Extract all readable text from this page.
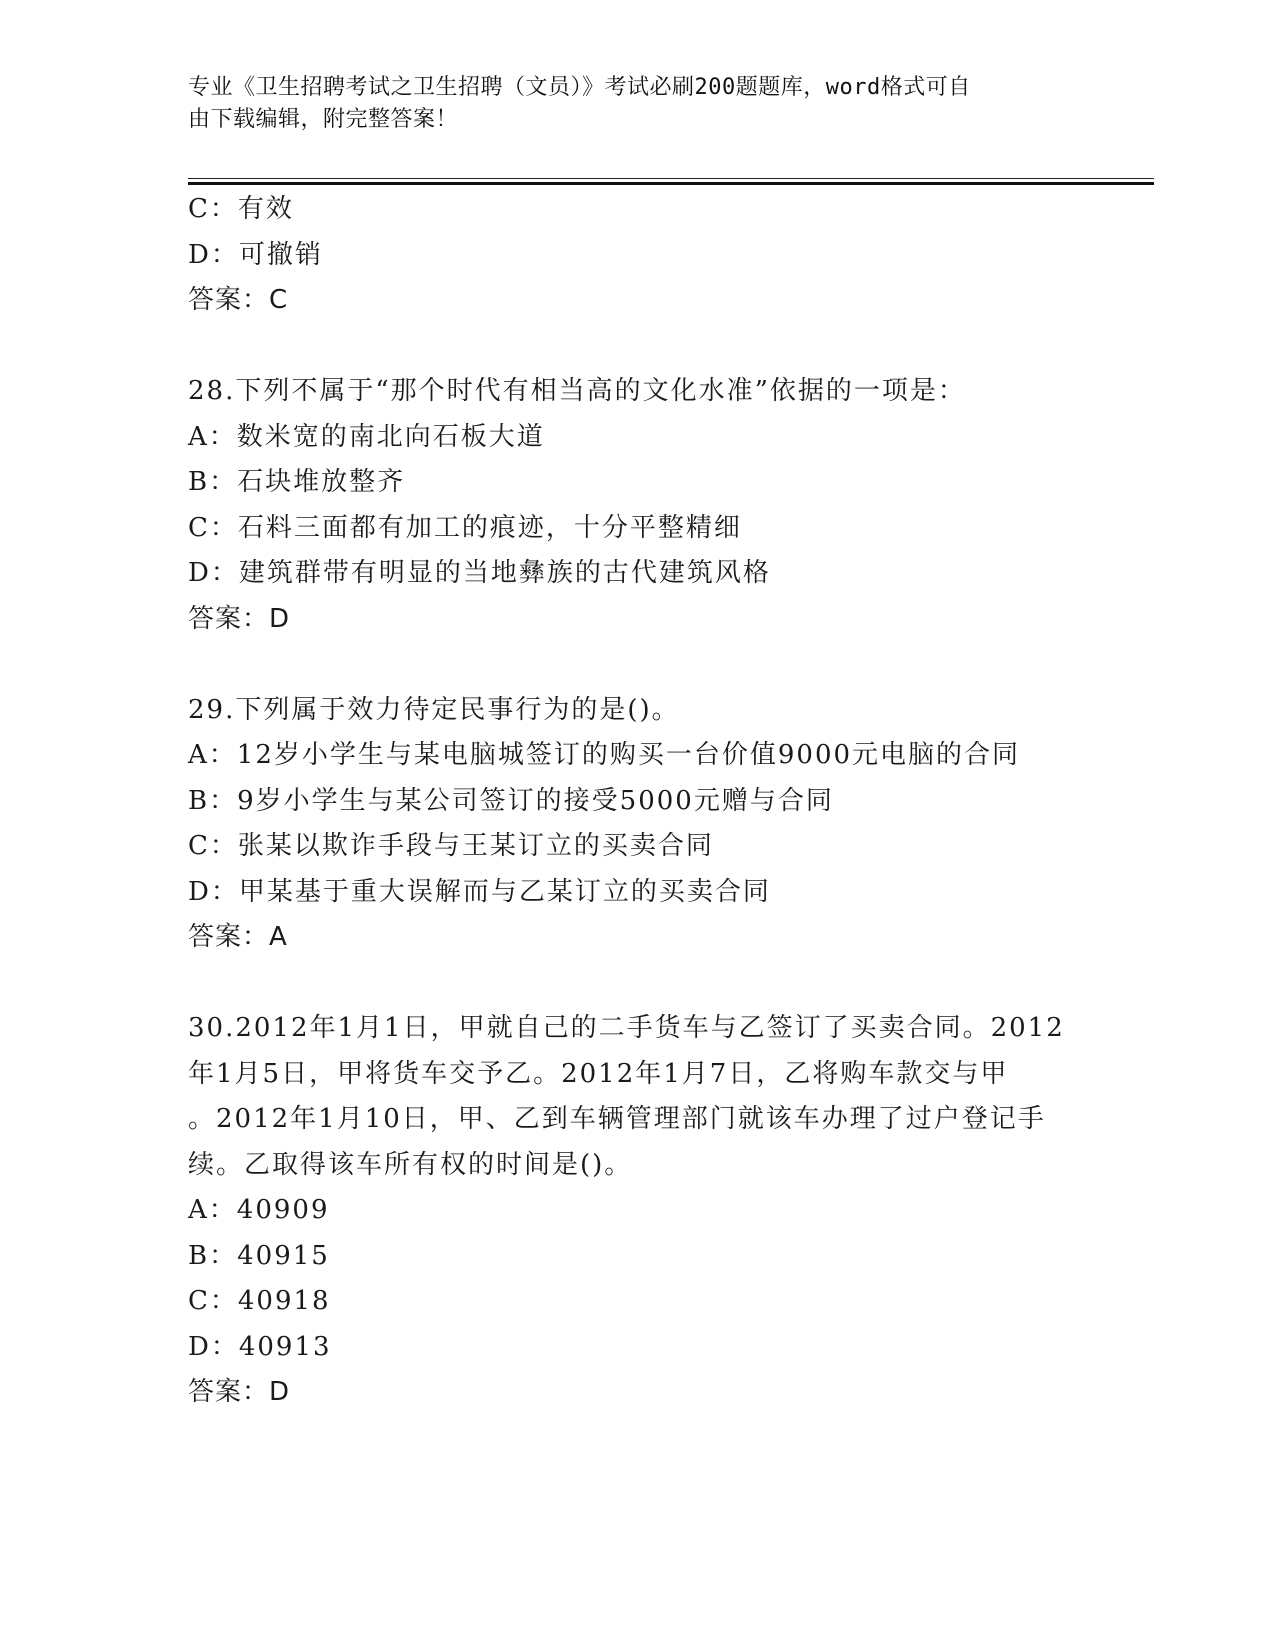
专业《卫生招聘考试之卫生招聘（文员）》考试必刷200题题库，word格式可自
由下载编辑，附完整答案！
C：有效
D：可撤销
答案：C
28.下列不属于“那个时代有相当高的文化水准”依据的一项是：
A：数米宽的南北向石板大道
B：石块堆放整齐
C：石料三面都有加工的痕迹，十分平整精细
D：建筑群带有明显的当地彝族的古代建筑风格
答案：D
29.下列属于效力待定民事行为的是()。
A：12岁小学生与某电脑城签订的购买一台价值9000元电脑的合同
B：9岁小学生与某公司签订的接受5000元赠与合同
C：张某以欺诈手段与王某订立的买卖合同
D：甲某基于重大误解而与乙某订立的买卖合同
答案：A
30.2012年1月1日，甲就自己的二手货车与乙签订了买卖合同。2012
年1月5日，甲将货车交予乙。2012年1月7日，乙将购车款交与甲
。2012年1月10日，甲、乙到车辆管理部门就该车办理了过户登记手
续。乙取得该车所有权的时间是()。
A：40909
B：40915
C：40918
D：40913
答案：D
